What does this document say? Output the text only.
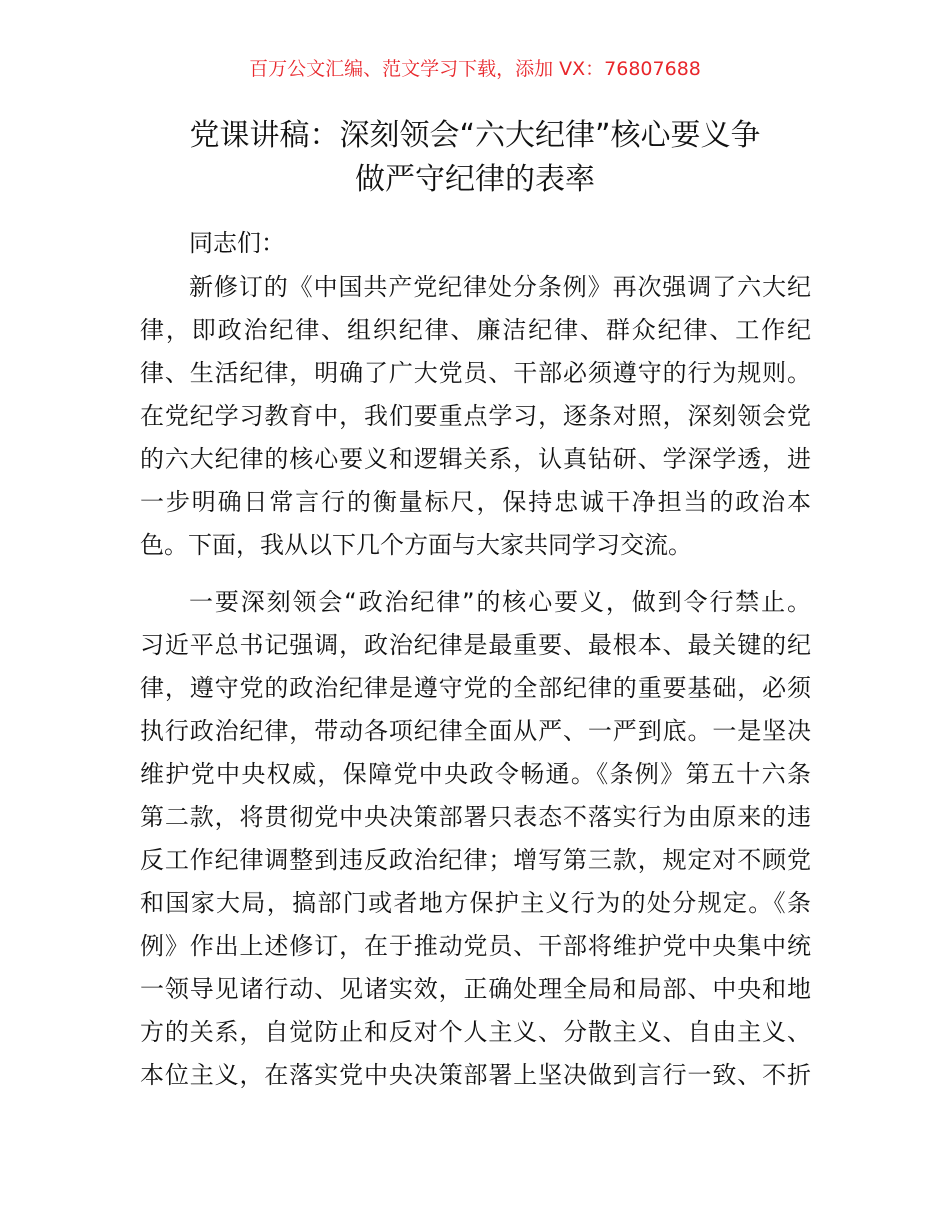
百万公文汇编、范文学习下载，添加 VX：76807688
党课讲稿：深刻领会“六大纪律”核心要义争
做严守纪律的表率
同志们：
新修订的《中国共产党纪律处分条例》再次强调了六大纪
律，即政治纪律、组织纪律、廉洁纪律、群众纪律、工作纪
律、生活纪律，明确了广大党员、干部必须遵守的行为规则。
在党纪学习教育中，我们要重点学习，逐条对照，深刻领会党
的六大纪律的核心要义和逻辑关系，认真钻研、学深学透，进
一步明确日常言行的衡量标尺，保持忠诚干净担当的政治本
色。下面，我从以下几个方面与大家共同学习交流。
一要深刻领会“政治纪律”的核心要义，做到令行禁止。
习近平总书记强调，政治纪律是最重要、最根本、最关键的纪
律，遵守党的政治纪律是遵守党的全部纪律的重要基础，必须
执行政治纪律，带动各项纪律全面从严、一严到底。一是坚决
维护党中央权威，保障党中央政令畅通。《条例》第五十六条
第二款，将贯彻党中央决策部署只表态不落实行为由原来的违
反工作纪律调整到违反政治纪律；增写第三款，规定对不顾党
和国家大局，搞部门或者地方保护主义行为的处分规定。《条
例》作出上述修订，在于推动党员、干部将维护党中央集中统
一领导见诸行动、见诸实效，正确处理全局和局部、中央和地
方的关系，自觉防止和反对个人主义、分散主义、自由主义、
本位主义，在落实党中央决策部署上坚决做到言行一致、不折
